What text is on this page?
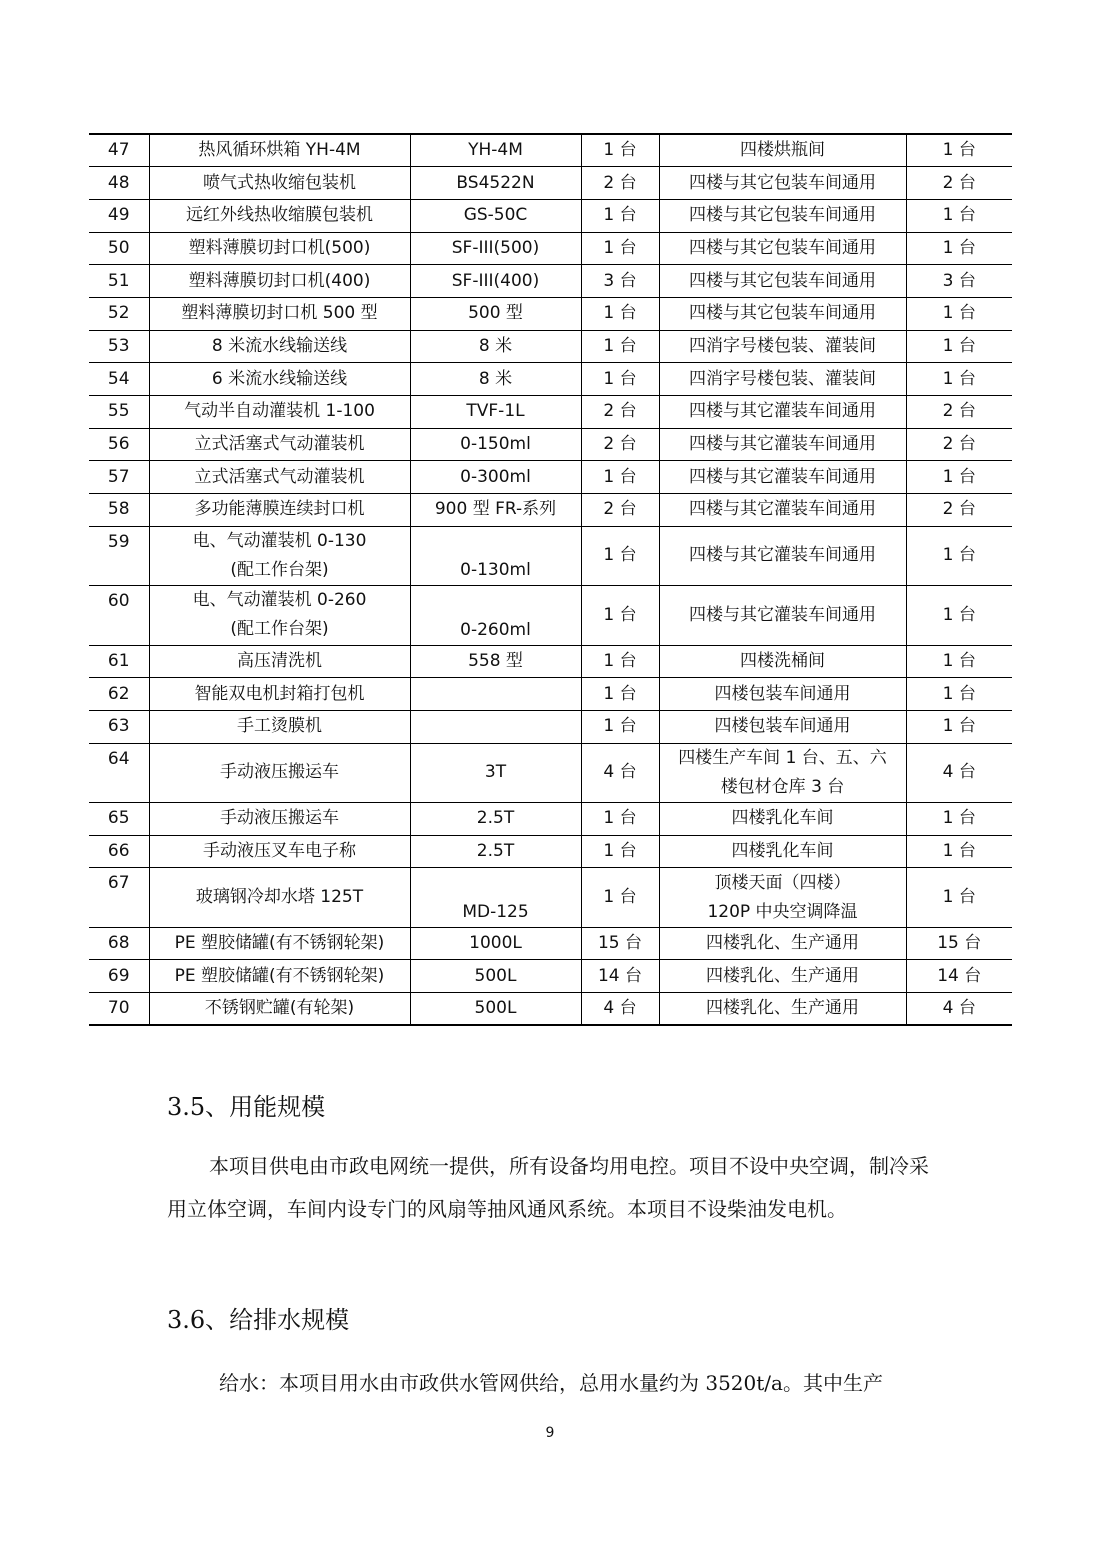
47	热风循环烘箱 YH-4M	YH-4M	1 台	四楼烘瓶间	1 台
48	喷气式热收缩包装机	BS4522N	2 台	四楼与其它包装车间通用	2 台
49	远红外线热收缩膜包装机	GS-50C	1 台	四楼与其它包装车间通用	1 台
50	塑料薄膜切封口机(500)	SF-III(500)	1 台	四楼与其它包装车间通用	1 台
51	塑料薄膜切封口机(400)	SF-III(400)	3 台	四楼与其它包装车间通用	3 台
52	塑料薄膜切封口机 500 型	500 型	1 台	四楼与其它包装车间通用	1 台
53	8 米流水线输送线	8 米	1 台	四消字号楼包装、灌装间	1 台
54	6 米流水线输送线	8 米	1 台	四消字号楼包装、灌装间	1 台
55	气动半自动灌装机 1-100	TVF-1L	2 台	四楼与其它灌装车间通用	2 台
56	立式活塞式气动灌装机	0-150ml	2 台	四楼与其它灌装车间通用	2 台
57	立式活塞式气动灌装机	0-300ml	1 台	四楼与其它灌装车间通用	1 台
58	多功能薄膜连续封口机	900 型 FR-系列	2 台	四楼与其它灌装车间通用	2 台
59	电、气动灌装机 0-130
(配工作台架)	0-130ml	1 台	四楼与其它灌装车间通用	1 台
60	电、气动灌装机 0-260
(配工作台架)	0-260ml	1 台	四楼与其它灌装车间通用	1 台
61	高压清洗机	558 型	1 台	四楼洗桶间	1 台
62	智能双电机封箱打包机		1 台	四楼包装车间通用	1 台
63	手工烫膜机		1 台	四楼包装车间通用	1 台
64	手动液压搬运车	3T	4 台	四楼生产车间 1 台、五、六
楼包材仓库 3 台	4 台
65	手动液压搬运车	2.5T	1 台	四楼乳化车间	1 台
66	手动液压叉车电子称	2.5T	1 台	四楼乳化车间	1 台
67	玻璃钢冷却水塔 125T	MD-125	1 台	顶楼天面（四楼）
120P 中央空调降温	1 台
68	PE 塑胶储罐(有不锈钢轮架)	1000L	15 台	四楼乳化、生产通用	15 台
69	PE 塑胶储罐(有不锈钢轮架)	500L	14 台	四楼乳化、生产通用	14 台
70	不锈钢贮罐(有轮架)	500L	4 台	四楼乳化、生产通用	4 台
3.5、用能规模

本项目供电由市政电网统一提供，所有设备均用电控。项目不设中央空调，制冷采用立体空调，车间内设专门的风扇等抽风通风系统。本项目不设柴油发电机。

3.6、给排水规模

给水：本项目用水由市政供水管网供给，总用水量约为 3520t/a。其中生产

9
